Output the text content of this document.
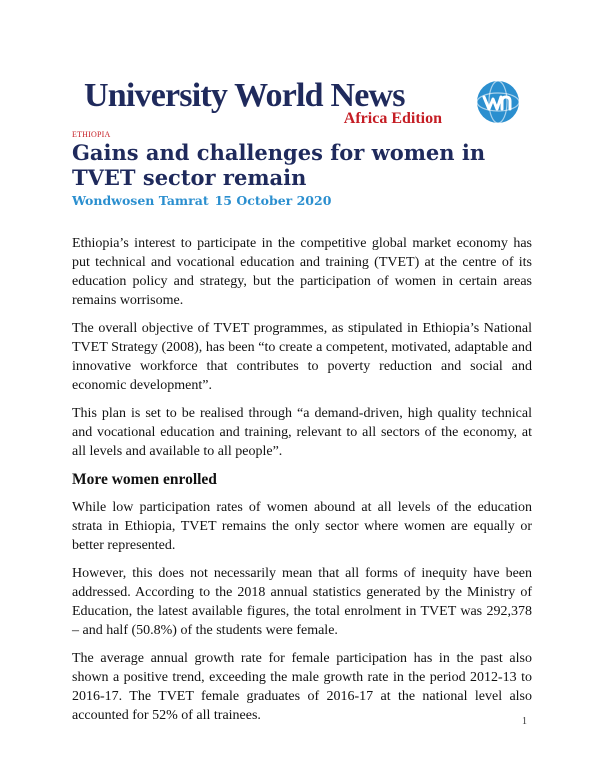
University World News
Africa Edition
ETHIOPIA
Gains and challenges for women in TVET sector remain
Wondwosen Tamrat 15 October 2020

Ethiopia’s interest to participate in the competitive global market economy has put technical and vocational education and training (TVET) at the centre of its education policy and strategy, but the participation of women in certain areas remains worrisome.

The overall objective of TVET programmes, as stipulated in Ethiopia’s National TVET Strategy (2008), has been “to create a competent, motivated, adaptable and innovative workforce that contributes to poverty reduction and social and economic development”.

This plan is set to be realised through “a demand-driven, high quality technical and vocational education and training, relevant to all sectors of the economy, at all levels and available to all people”.

More women enrolled

While low participation rates of women abound at all levels of the education strata in Ethiopia, TVET remains the only sector where women are equally or better represented.

However, this does not necessarily mean that all forms of inequity have been addressed. According to the 2018 annual statistics generated by the Ministry of Education, the latest available figures, the total enrolment in TVET was 292,378 – and half (50.8%) of the students were female.

The average annual growth rate for female participation has in the past also shown a positive trend, exceeding the male growth rate in the period 2012-13 to 2016-17. The TVET female graduates of 2016-17 at the national level also accounted for 52% of all trainees.	1
